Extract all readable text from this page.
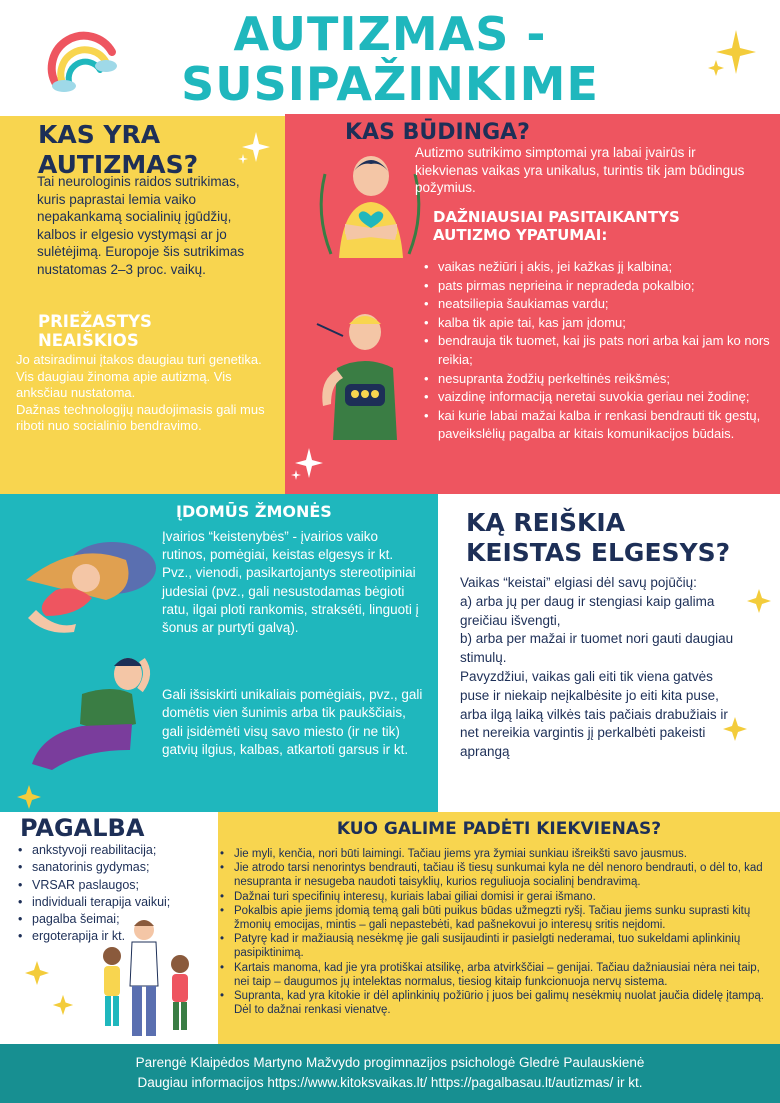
AUTIZMAS -
SUSIPAŽINKIME
KAS YRA
AUTIZMAS?
Tai neurologinis raidos sutrikimas, kuris paprastai lemia vaiko nepakankamą socialinių įgūdžių, kalbos ir elgesio vystymąsi ar jo sulėtėjimą. Europoje šis sutrikimas nustatomas 2–3 proc. vaikų.
PRIEŽASTYS
NEAIŠKIOS
Jo atsiradimui įtakos daugiau turi genetika.
Vis daugiau žinoma apie autizmą. Vis anksčiau nustatoma.
Dažnas technologijų naudojimasis gali mus riboti nuo socialinio bendravimo.
KAS BŪDINGA?
Autizmo sutrikimo simptomai yra labai įvairūs ir kiekvienas vaikas yra unikalus, turintis tik jam būdingus požymius.
DAŽNIAUSIAI PASITAIKANTYS
AUTIZMO YPATUMAI:
• vaikas nežiūri į akis, jei kažkas jį kalbina;
• pats pirmas neprieina ir nepradeda pokalbio;
• neatsiliepia šaukiamas vardu;
• kalba tik apie tai, kas jam įdomu;
• bendrauja tik tuomet, kai jis pats nori arba kai jam ko nors reikia;
• nesupranta žodžių perkeltinės reikšmės;
• vaizdinę informaciją neretai suvokia geriau nei žodinę;
• kai kurie labai mažai kalba ir renkasi bendrauti tik gestų, paveikslėlių pagalba ar kitais komunikacijos būdais.
ĮDOMŪS ŽMONĖS
Įvairios “keistenybės” - įvairios vaiko rutinos, pomėgiai, keistas elgesys ir kt. Pvz., vienodi, pasikartojantys stereotipiniai judesiai (pvz., gali nesustodamas bėgioti ratu, ilgai ploti rankomis, strakséti, linguoti į šonus ar purtyti galvą).
Gali išsiskirti unikaliais pomėgiais, pvz., gali domėtis vien šunimis arba tik paukščiais, gali įsidėmėti visų savo miesto (ir ne tik) gatvių ilgius, kalbas, atkartoti garsus ir kt.
KĄ REIŠKIA
KEISTAS ELGESYS?
Vaikas “keistai” elgiasi dėl savų pojūčių:
a) arba jų per daug ir stengiasi kaip galima greičiau išvengti,
b) arba per mažai ir tuomet nori gauti daugiau stimulų.
Pavyzdžiui, vaikas gali eiti tik viena gatvės puse ir niekaip neįkalbėsite jo eiti kita puse, arba ilgą laiką vilkės tais pačiais drabužiais ir net nereikia vargintis jį perkalbėti pakeisti aprangą
PAGALBA
• ankstyvoji reabilitacija;
• sanatorinis gydymas;
• VRSAR paslaugos;
• individuali terapija vaikui;
• pagalba šeimai;
• ergoterapija ir kt.
KUO GALIME PADĖTI KIEKVIENAS?
• Jie myli, kenčia, nori būti laimingi. Tačiau jiems yra žymiai sunkiau išreikšti savo jausmus.
• Jie atrodo tarsi nenorintys bendrauti, tačiau iš tiesų sunkumai kyla ne dėl nenoro bendrauti, o dėl to, kad nesupranta ir nesugeba naudoti taisyklių, kurios reguliuoja socialinį bendravimą.
• Dažnai turi specifinių interesų, kuriais labai giliai domisi ir gerai išmano.
• Pokalbis apie jiems įdomią temą gali būti puikus būdas užmegzti ryšį. Tačiau jiems sunku suprasti kitų žmonių emocijas, mintis – gali nepastebėti, kad pašnekovui jo interesų sritis neįdomi.
• Patyrę kad ir mažiausią nesėkmę jie gali susijaudinti ir pasielgti nederamai, tuo sukeldami aplinkinių pasipiktinimą.
• Kartais manoma, kad jie yra protiškai atsilikę, arba atvirkščiai – genijai. Tačiau dažniausiai nėra nei taip, nei taip – daugumos jų intelektas normalus, tiesiog kitaip funkcionuoja nervų sistema.
• Supranta, kad yra kitokie ir dėl aplinkinių požiūrio į juos bei galimų nesėkmių nuolat jaučia didelę įtampą. Dėl to dažnai renkasi vienatvę.
Parengė Klaipėdos Martyno Mažvydo progimnazijos psichologė Gledrė Paulauskienė
Daugiau informacijos https://www.kitoksvaikas.lt/ https://pagalbasau.lt/autizmas/ ir kt.
